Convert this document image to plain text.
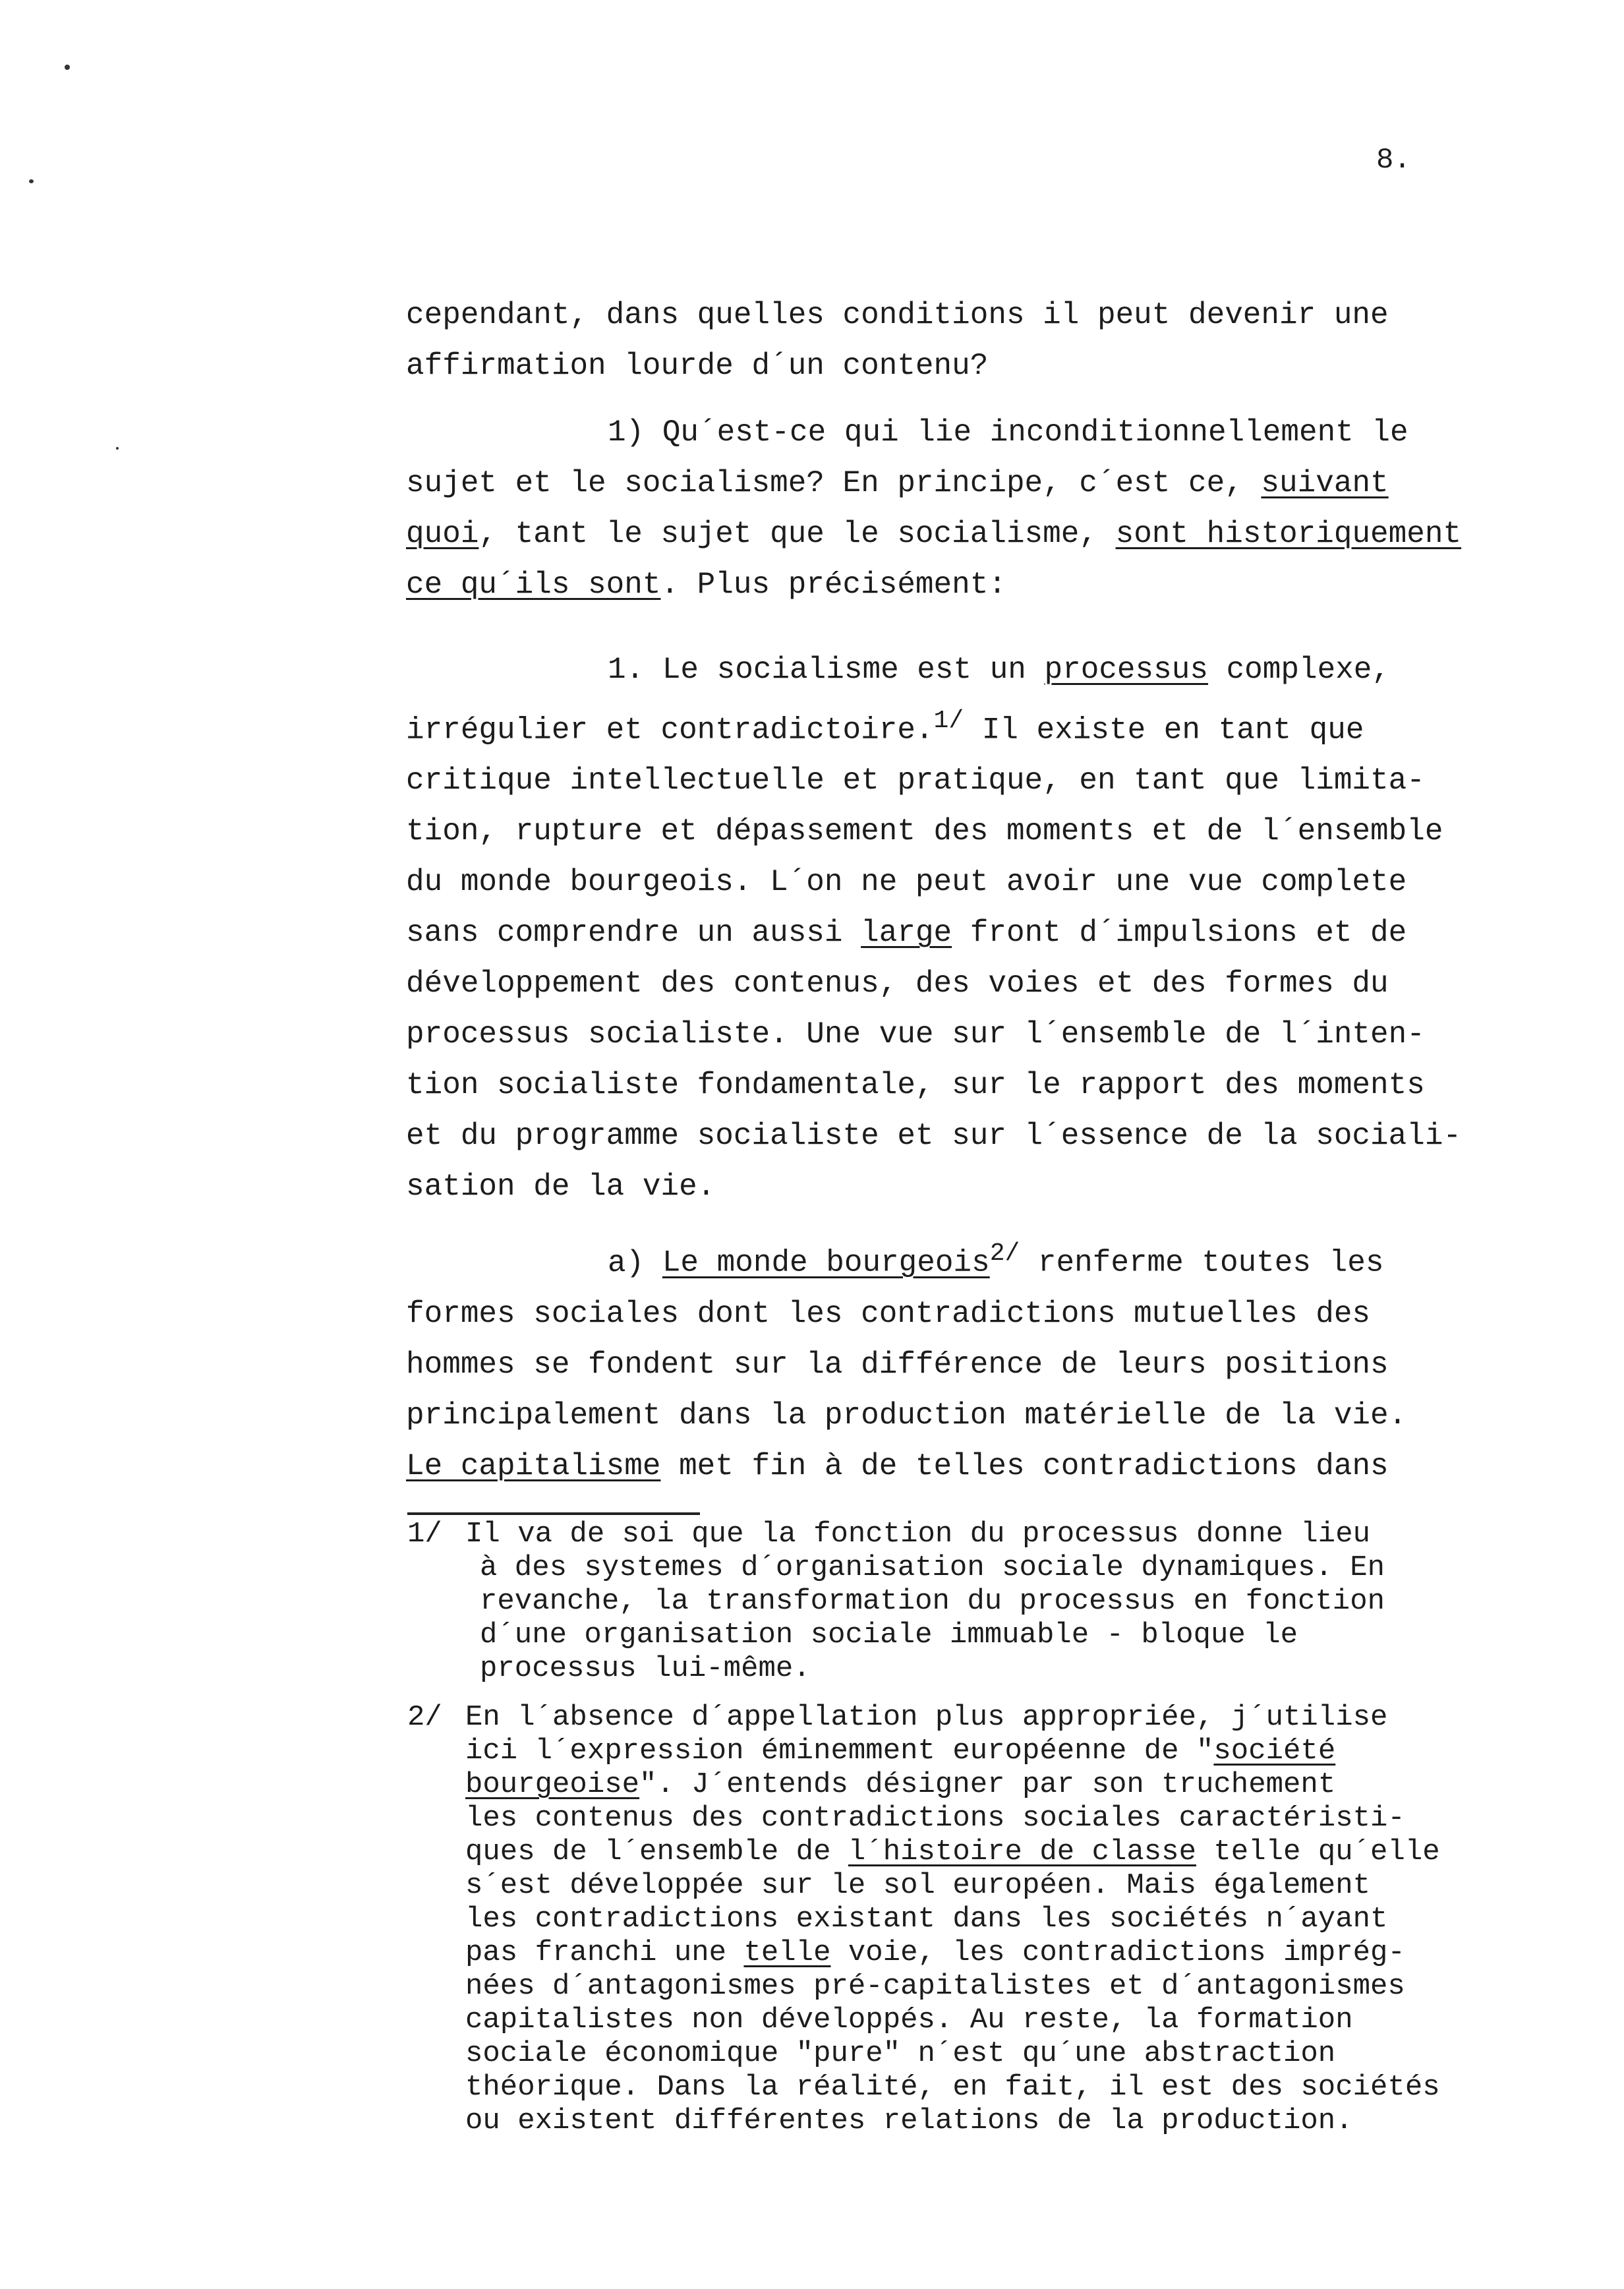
8.

cependant, dans quelles conditions il peut devenir une
affirmation lourde d´un contenu?

1) Qu´est-ce qui lie inconditionnellement le
sujet et le socialisme? En principe, c´est ce, suivant
quoi, tant le sujet que le socialisme, sont historiquement
ce qu´ils sont. Plus précisément:

1. Le socialisme est un processus complexe,
irrégulier et contradictoire.$^{1/}$ Il existe en tant que
critique intellectuelle et pratique, en tant que limita-
tion, rupture et dépassement des moments et de l´ensemble
du monde bourgeois. L´on ne peut avoir une vue complete
sans comprendre un aussi large front d´impulsions et de
développement des contenus, des voies et des formes du
processus socialiste. Une vue sur l´ensemble de l´inten-
tion socialiste fondamentale, sur le rapport des moments
et du programme socialiste et sur l´essence de la sociali-
sation de la vie.

a) Le monde bourgeois$^{2/}$ renferme toutes les
formes sociales dont les contradictions mutuelles des
hommes se fondent sur la différence de leurs positions
principalement dans la production matérielle de la vie.
Le capitalisme met fin à de telles contradictions dans

1/ Il va de soi que la fonction du processus donne lieu
à des systemes d´organisation sociale dynamiques. En
revanche, la transformation du processus en fonction
d´une organisation sociale immuable - bloque le
processus lui-même.
2/ En l´absence d´appellation plus appropriée, j´utilise
ici l´expression éminemment européenne de "société
bourgeoise". J´entends désigner par son truchement
les contenus des contradictions sociales caractéristi-
ques de l´ensemble de l´histoire de classe telle qu´elle
s´est développée sur le sol européen. Mais également
les contradictions existant dans les sociétés n´ayant
pas franchi une telle voie, les contradictions imprég-
nées d´antagonismes pré-capitalistes et d´antagonismes
capitalistes non développés. Au reste, la formation
sociale économique "pure" n´est qu´une abstraction
théorique. Dans la réalité, en fait, il est des sociétés
ou existent différentes relations de la production.
